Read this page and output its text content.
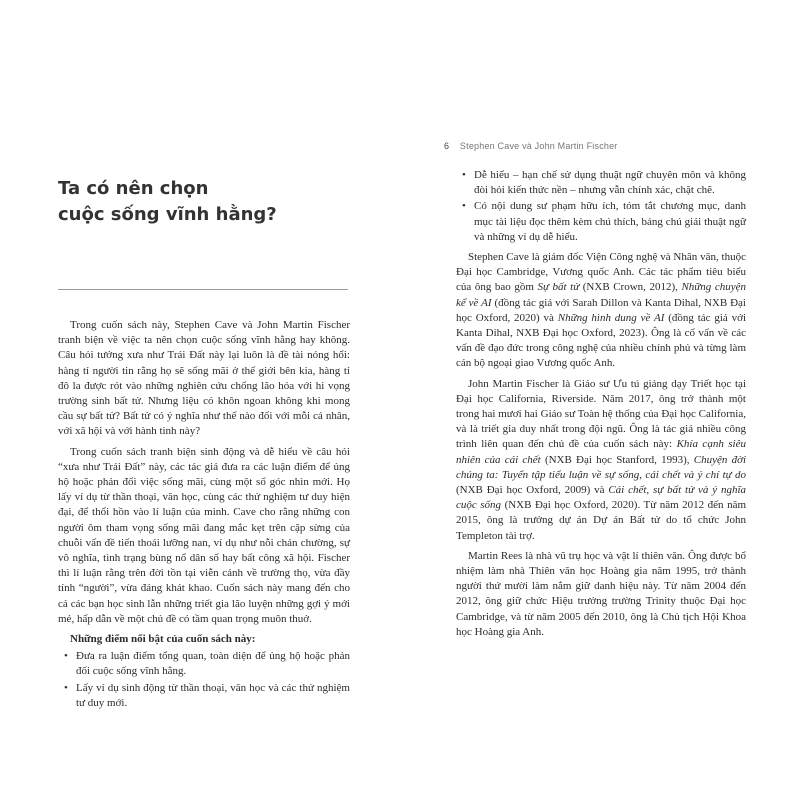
Ta có nên chọn
cuộc sống vĩnh hằng?

Trong cuốn sách này, Stephen Cave và John Martin Fischer tranh biện về việc ta nên chọn cuộc sống vĩnh hằng hay không. Câu hỏi tưởng xưa như Trái Đất này lại luôn là đề tài nóng hổi: hàng tỉ người tin rằng họ sẽ sống mãi ở thế giới bên kia, hàng tỉ đô la được rót vào những nghiên cứu chống lão hóa với hi vọng trường sinh bất tử. Nhưng liệu có khôn ngoan không khi mong cầu sự bất tử? Bất tử có ý nghĩa như thế nào đối với mỗi cá nhân, với xã hội và với hành tinh này?

Trong cuốn sách tranh biện sinh động và dễ hiểu về câu hỏi “xưa như Trái Đất” này, các tác giả đưa ra các luận điểm để ủng hộ hoặc phản đối việc sống mãi, cùng một số góc nhìn mới. Họ lấy ví dụ từ thần thoại, văn học, cùng các thử nghiệm tư duy hiện đại, để thổi hồn vào lí luận của mình. Cave cho rằng những con người ôm tham vọng sống mãi đang mắc kẹt trên cặp sừng của chuỗi vấn đề tiến thoái lưỡng nan, ví dụ như nỗi chán chường, sự vô nghĩa, tình trạng bùng nổ dân số hay bất công xã hội. Fischer thì lí luận rằng trên đời tồn tại viễn cảnh về trường thọ, vừa đầy tính “người”, vừa đáng khát khao. Cuốn sách này mang đến cho cả các bạn học sinh lẫn những triết gia lão luyện những gợi ý mới mẻ, hấp dẫn về một chủ đề có tầm quan trọng muôn thuở.

Những điểm nổi bật của cuốn sách này:

• Đưa ra luận điểm tổng quan, toàn diện để ủng hộ hoặc phản đối cuộc sống vĩnh hằng.
• Lấy ví dụ sinh động từ thần thoại, văn học và các thử nghiệm tư duy mới.
6 Stephen Cave và John Martin Fischer
• Dễ hiểu – hạn chế sử dụng thuật ngữ chuyên môn và không đòi hỏi kiến thức nền – nhưng vẫn chính xác, chặt chẽ.
• Có nội dung sư phạm hữu ích, tóm tắt chương mục, danh mục tài liệu đọc thêm kèm chú thích, bảng chú giải thuật ngữ và những ví dụ dễ hiểu.

Stephen Cave là giám đốc Viện Công nghệ và Nhân văn, thuộc Đại học Cambridge, Vương quốc Anh. Các tác phẩm tiêu biểu của ông bao gồm Sự bất tử (NXB Crown, 2012), Những chuyện kể về AI (đồng tác giả với Sarah Dillon và Kanta Dihal, NXB Đại học Oxford, 2020) và Những hình dung về AI (đồng tác giả với Kanta Dihal, NXB Đại học Oxford, 2023). Ông là cố vấn về các vấn đề đạo đức trong công nghệ của nhiều chính phủ và từng làm cán bộ ngoại giao Vương quốc Anh.

John Martin Fischer là Giáo sư Ưu tú giảng dạy Triết học tại Đại học California, Riverside. Năm 2017, ông trở thành một trong hai mươi hai Giáo sư Toàn hệ thống của Đại học California, và là triết gia duy nhất trong đội ngũ. Ông là tác giả nhiều công trình liên quan đến chủ đề của cuốn sách này: Khía cạnh siêu nhiên của cái chết (NXB Đại học Stanford, 1993), Chuyện đời chúng ta: Tuyển tập tiểu luận về sự sống, cái chết và ý chí tự do (NXB Đại học Oxford, 2009) và Cái chết, sự bất tử và ý nghĩa cuộc sống (NXB Đại học Oxford, 2020). Từ năm 2012 đến năm 2015, ông là trưởng dự án Dự án Bất tử do tổ chức John Templeton tài trợ.

Martin Rees là nhà vũ trụ học và vật lí thiên văn. Ông được bổ nhiệm làm nhà Thiên văn học Hoàng gia năm 1995, trở thành người thứ mười làm nắm giữ danh hiệu này. Từ năm 2004 đến 2012, ông giữ chức Hiệu trưởng trường Trinity thuộc Đại học Cambridge, và từ năm 2005 đến 2010, ông là Chủ tịch Hội Khoa học Hoàng gia Anh.
